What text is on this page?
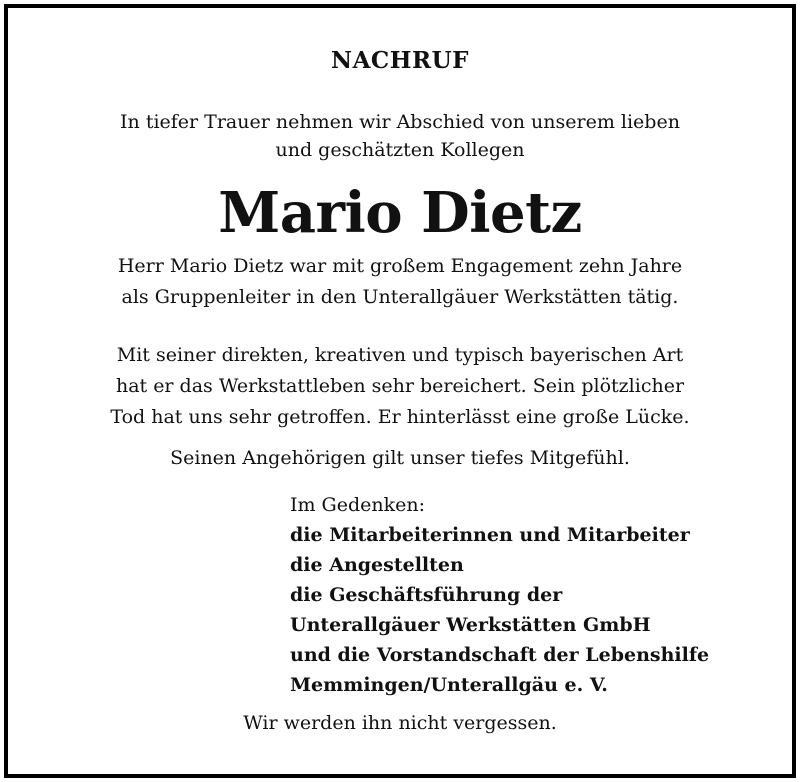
NACHRUF
In tiefer Trauer nehmen wir Abschied von unserem lieben
und geschätzten Kollegen
Mario Dietz
Herr Mario Dietz war mit großem Engagement zehn Jahre
als Gruppenleiter in den Unterallgäuer Werkstätten tätig.
Mit seiner direkten, kreativen und typisch bayerischen Art
hat er das Werkstattleben sehr bereichert. Sein plötzlicher
Tod hat uns sehr getroffen. Er hinterlässt eine große Lücke.
Seinen Angehörigen gilt unser tiefes Mitgefühl.
Im Gedenken:
die Mitarbeiterinnen und Mitarbeiter
die Angestellten
die Geschäftsführung der
Unterallgäuer Werkstätten GmbH
und die Vorstandschaft der Lebenshilfe
Memmingen/Unterallgäu e. V.
Wir werden ihn nicht vergessen.
